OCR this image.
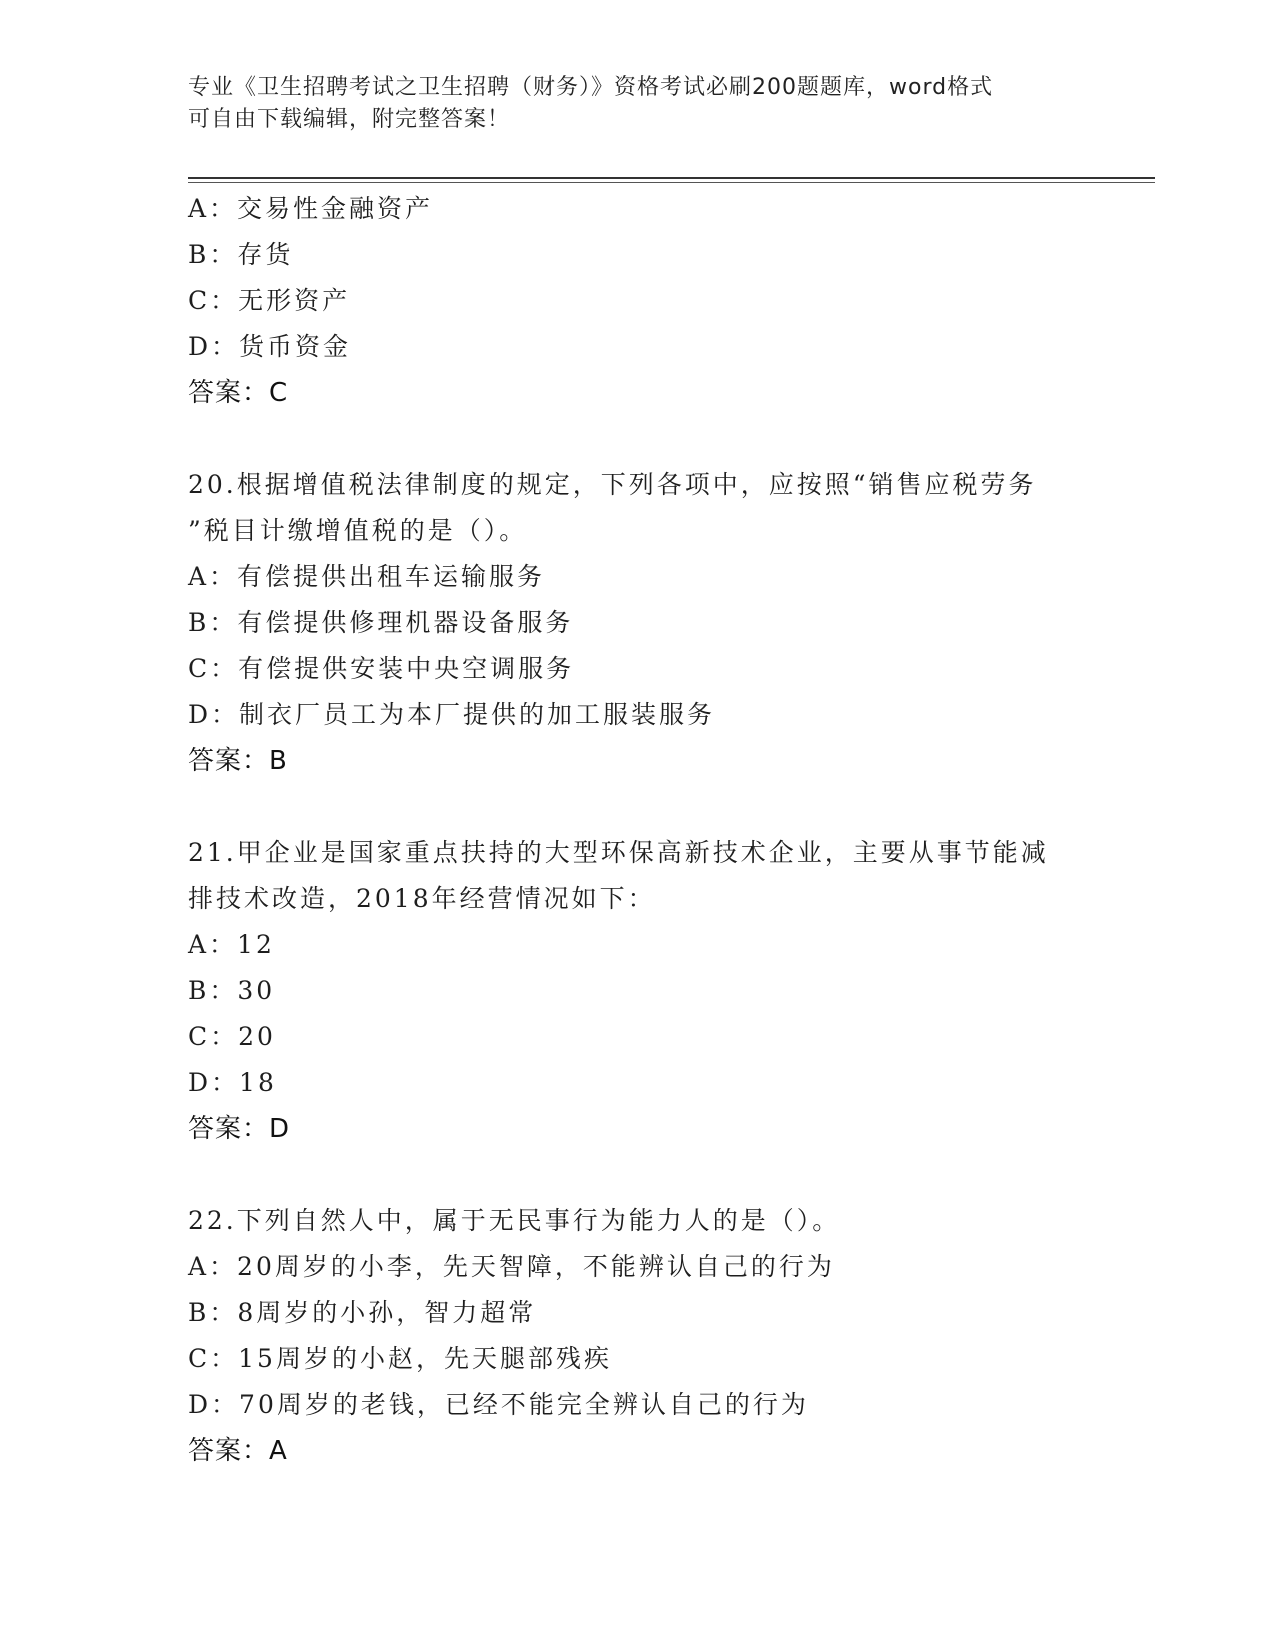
专业《卫生招聘考试之卫生招聘（财务）》资格考试必刷200题题库，word格式
可自由下载编辑，附完整答案！
A：交易性金融资产
B：存货
C：无形资产
D：货币资金
答案：C
20.根据增值税法律制度的规定，下列各项中，应按照“销售应税劳务
”税目计缴增值税的是（）。
A：有偿提供出租车运输服务
B：有偿提供修理机器设备服务
C：有偿提供安装中央空调服务
D：制衣厂员工为本厂提供的加工服装服务
答案：B
21.甲企业是国家重点扶持的大型环保高新技术企业，主要从事节能减
排技术改造，2018年经营情况如下：
A：12
B：30
C：20
D：18
答案：D
22.下列自然人中，属于无民事行为能力人的是（）。
A：20周岁的小李，先天智障，不能辨认自己的行为
B：8周岁的小孙，智力超常
C：15周岁的小赵，先天腿部残疾
D：70周岁的老钱，已经不能完全辨认自己的行为
答案：A
